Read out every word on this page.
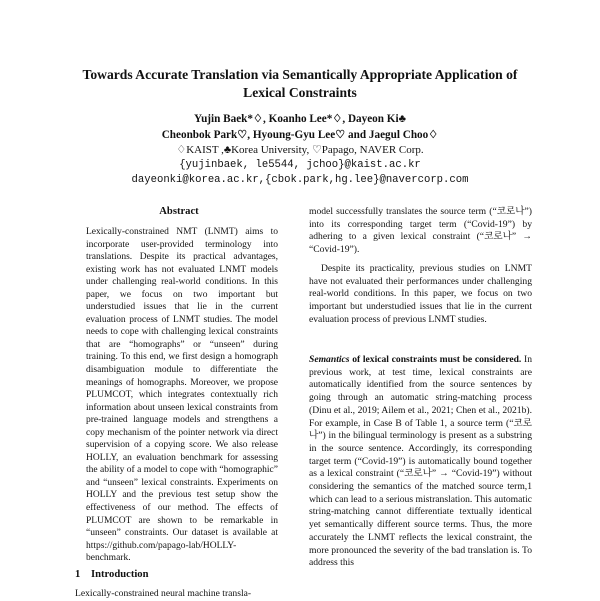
Towards Accurate Translation via Semantically Appropriate Application of Lexical Constraints
Yujin Baek*♢, Koanho Lee*♢, Dayeon Ki♣
Cheonbok Park♡, Hyoung-Gyu Lee♡ and Jaegul Choo♢
♢KAIST ,♣Korea University, ♡Papago, NAVER Corp.
{yujinbaek, le5544, jchoo}@kaist.ac.kr
dayeonki@korea.ac.kr,{cbok.park,hg.lee}@navercorp.com
Abstract

Lexically-constrained NMT (LNMT) aims to incorporate user-provided terminology into translations. Despite its practical advantages, existing work has not evaluated LNMT models under challenging real-world conditions. In this paper, we focus on two important but understudied issues that lie in the current evaluation process of LNMT studies. The model needs to cope with challenging lexical constraints that are “homographs” or “unseen” during training. To this end, we first design a homograph disambiguation module to differentiate the meanings of homographs. Moreover, we propose PLUMCOT, which integrates contextually rich information about unseen lexical constraints from pre-trained language models and strengthens a copy mechanism of the pointer network via direct supervision of a copying score. We also release HOLLY, an evaluation benchmark for assessing the ability of a model to cope with “homographic” and “unseen” lexical constraints. Experiments on HOLLY and the previous test setup show the effectiveness of our method. The effects of PLUMCOT are shown to be remarkable in “unseen” constraints. Our dataset is available at https://github.com/papago-lab/HOLLY-benchmark.

1 Introduction
Lexically-constrained neural machine transla-
model successfully translates the source term (“코로나”) into its corresponding target term (“Covid-19”) by adhering to a given lexical constraint (“코로나” → “Covid-19”).
Despite its practicality, previous studies on LNMT have not evaluated their performances under challenging real-world conditions. In this paper, we focus on two important but understudied issues that lie in the current evaluation process of previous LNMT studies.
Semantics of lexical constraints must be considered. In previous work, at test time, lexical constraints are automatically identified from the source sentences by going through an automatic string-matching process (Dinu et al., 2019; Ailem et al., 2021; Chen et al., 2021b). For example, in Case B of Table 1, a source term (“코로나”) in the bilingual terminology is present as a substring in the source sentence. Accordingly, its corresponding target term (“Covid-19”) is automatically bound together as a lexical constraint (“코로나” → “Covid-19”) without considering the semantics of the matched source term,1 which can lead to a serious mistranslation. This automatic string-matching cannot differentiate textually identical yet semantically different source terms. Thus, the more accurately the LNMT reflects the lexical constraint, the more pronounced the severity of the bad translation is. To address this
